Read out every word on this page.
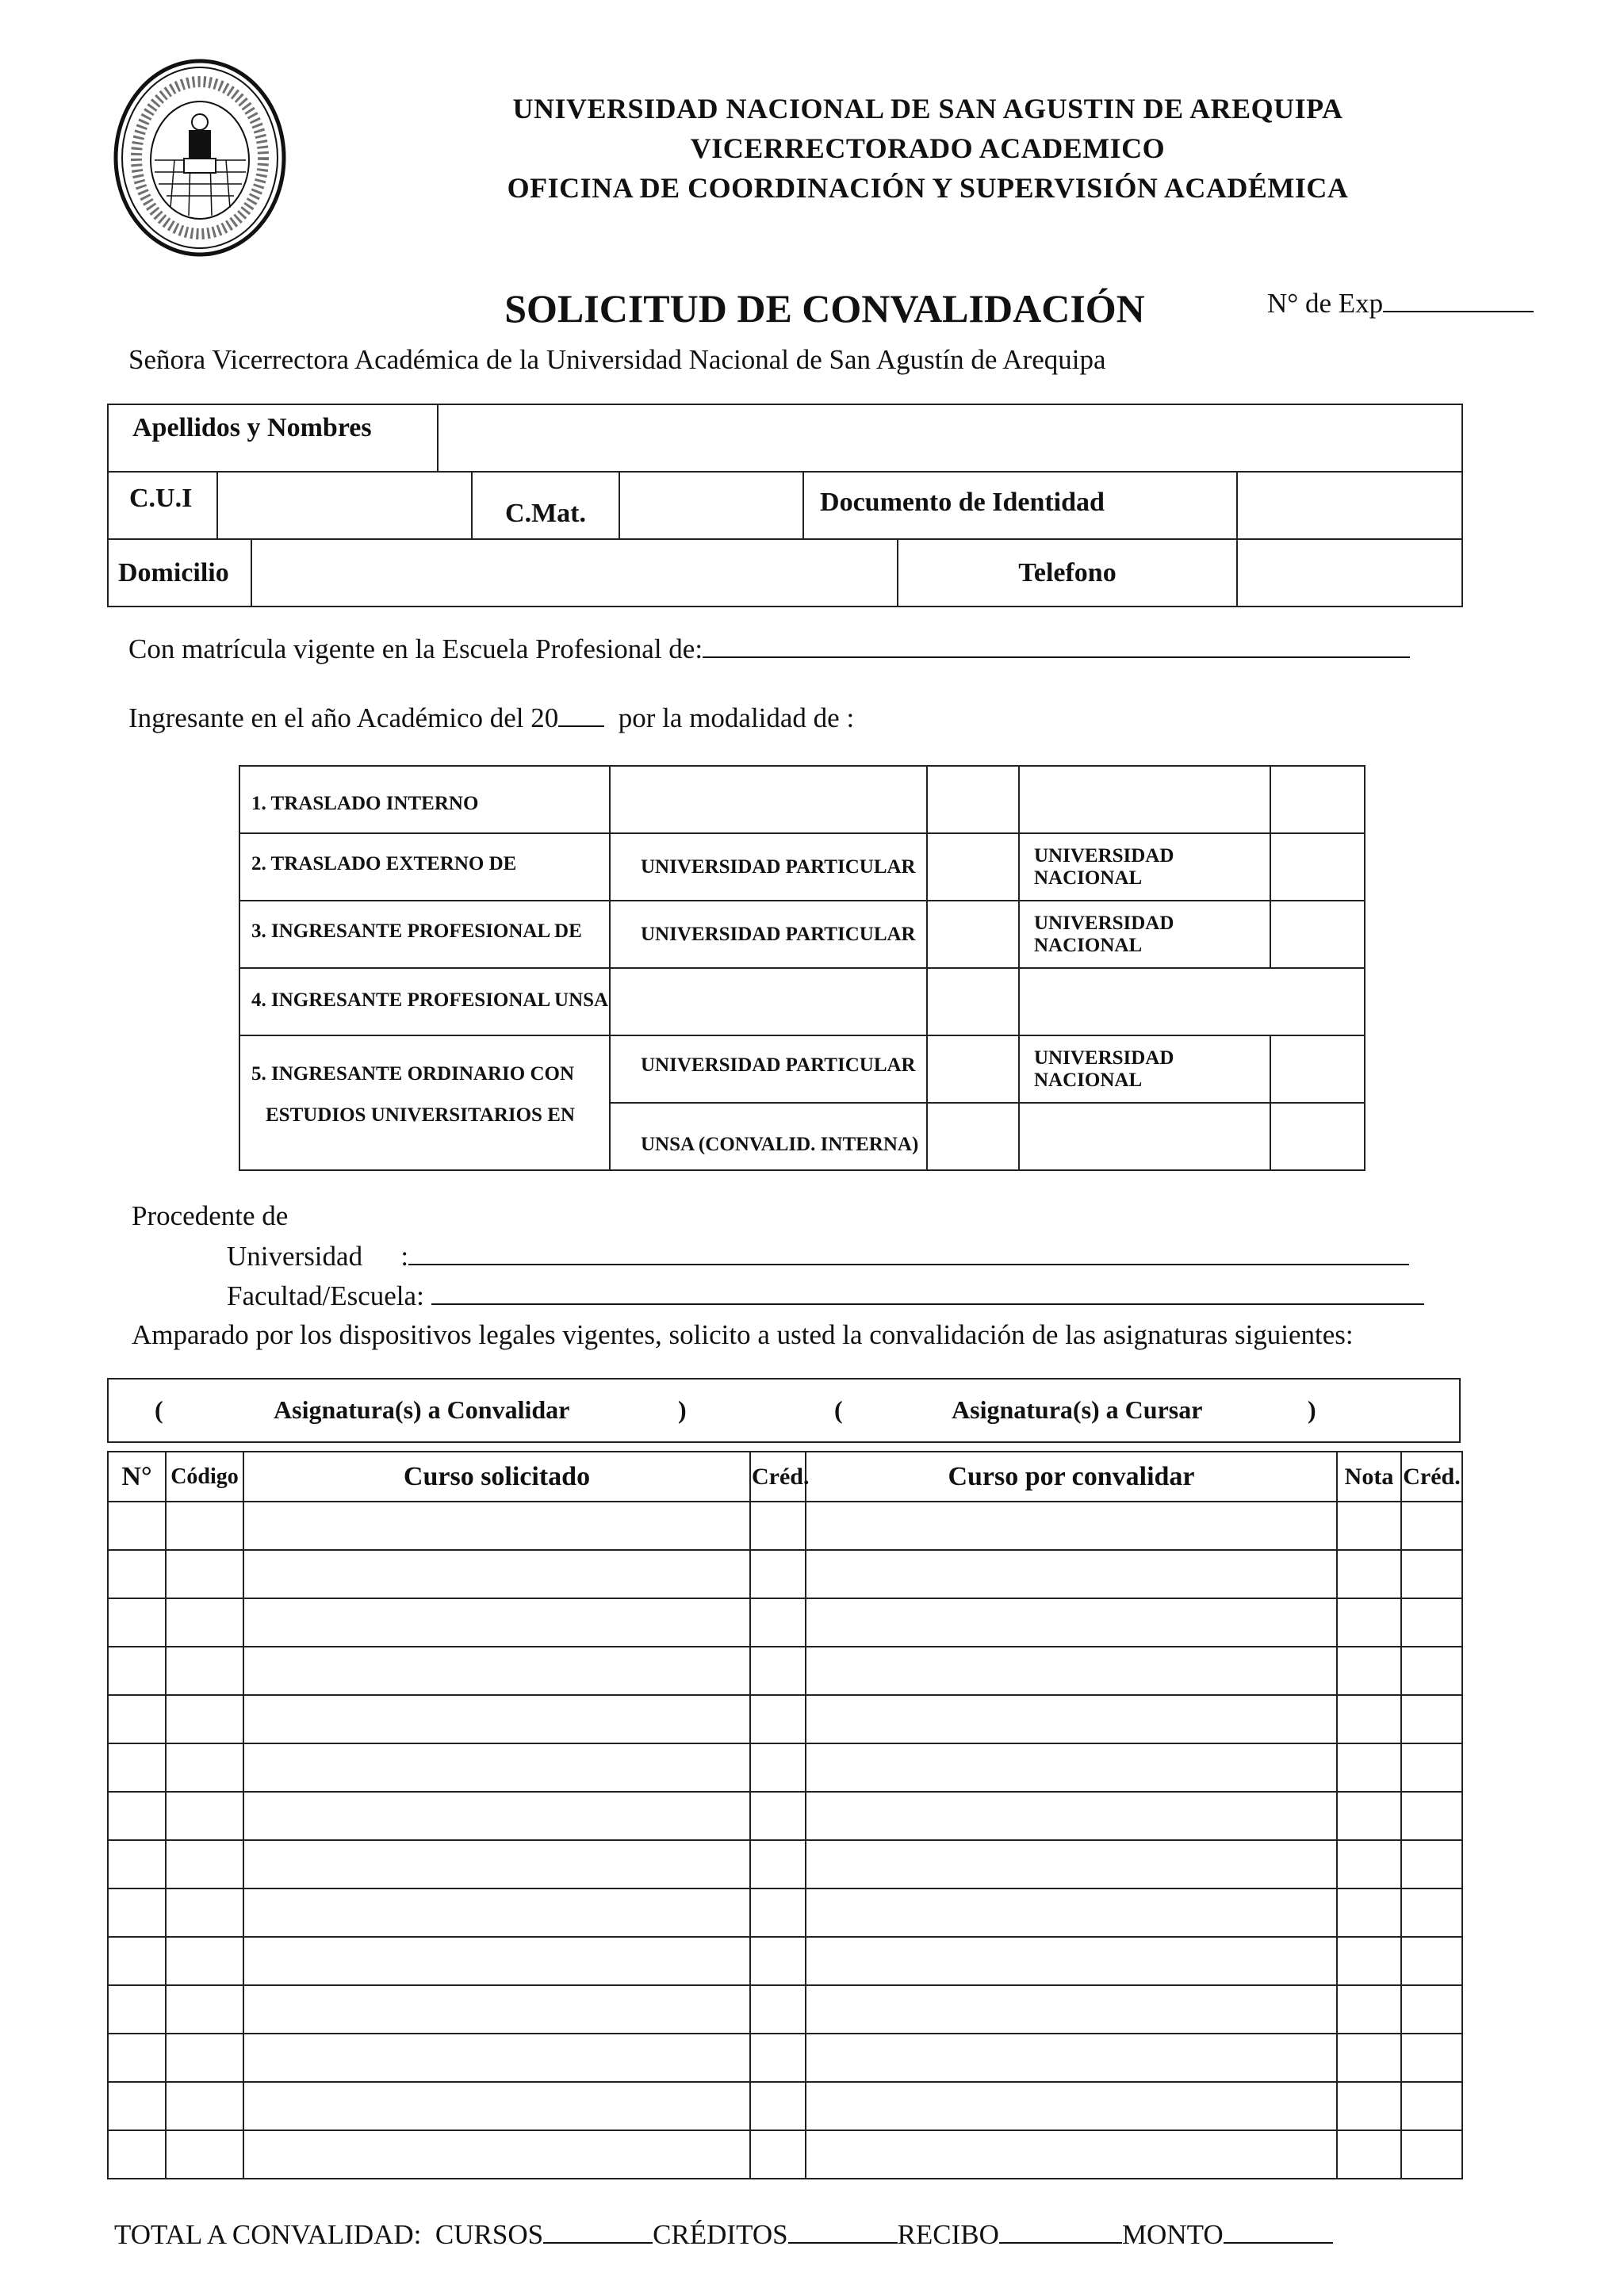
UNIVERSIDAD NACIONAL DE SAN AGUSTIN DE AREQUIPA
VICERRECTORADO ACADEMICO
OFICINA DE COORDINACIÓN Y SUPERVISIÓN ACADÉMICA
SOLICITUD DE CONVALIDACIÓN	N° de Exp
Señora Vicerrectora Académica de la Universidad Nacional de San Agustín de Arequipa
Apellidos y Nombres								
C.U.I				C.Mat.		Documento de Identidad		
Domicilio							Telefono	
Con matrícula vigente en la Escuela Profesional de:
Ingresante en el año Académico del 20 por la modalidad de :
1. TRASLADO INTERNO				
2. TRASLADO EXTERNO DE	UNIVERSIDAD PARTICULAR		UNIVERSIDAD NACIONAL	
3. INGRESANTE PROFESIONAL DE	UNIVERSIDAD PARTICULAR		UNIVERSIDAD NACIONAL	
4. INGRESANTE PROFESIONAL UNSA				
5. INGRESANTE ORDINARIO CON
ESTUDIOS UNIVERSITARIOS EN	UNIVERSIDAD PARTICULAR		UNIVERSIDAD NACIONAL	
	UNSA (CONVALID. INTERNA)			
Procedente de
Universidad :
Facultad/Escuela:
Amparado por los dispositivos legales vigentes, solicito a usted la convalidación de las asignaturas siguientes:
(	Asignatura(s) a Convalidar	)	(	Asignatura(s) a Cursar	)
N°	Código	Curso solicitado	Créd.	Curso por convalidar	Nota	Créd.

TOTAL A CONVALIDAD: CURSOS	CRÉDITOS	RECIBO	MONTO
